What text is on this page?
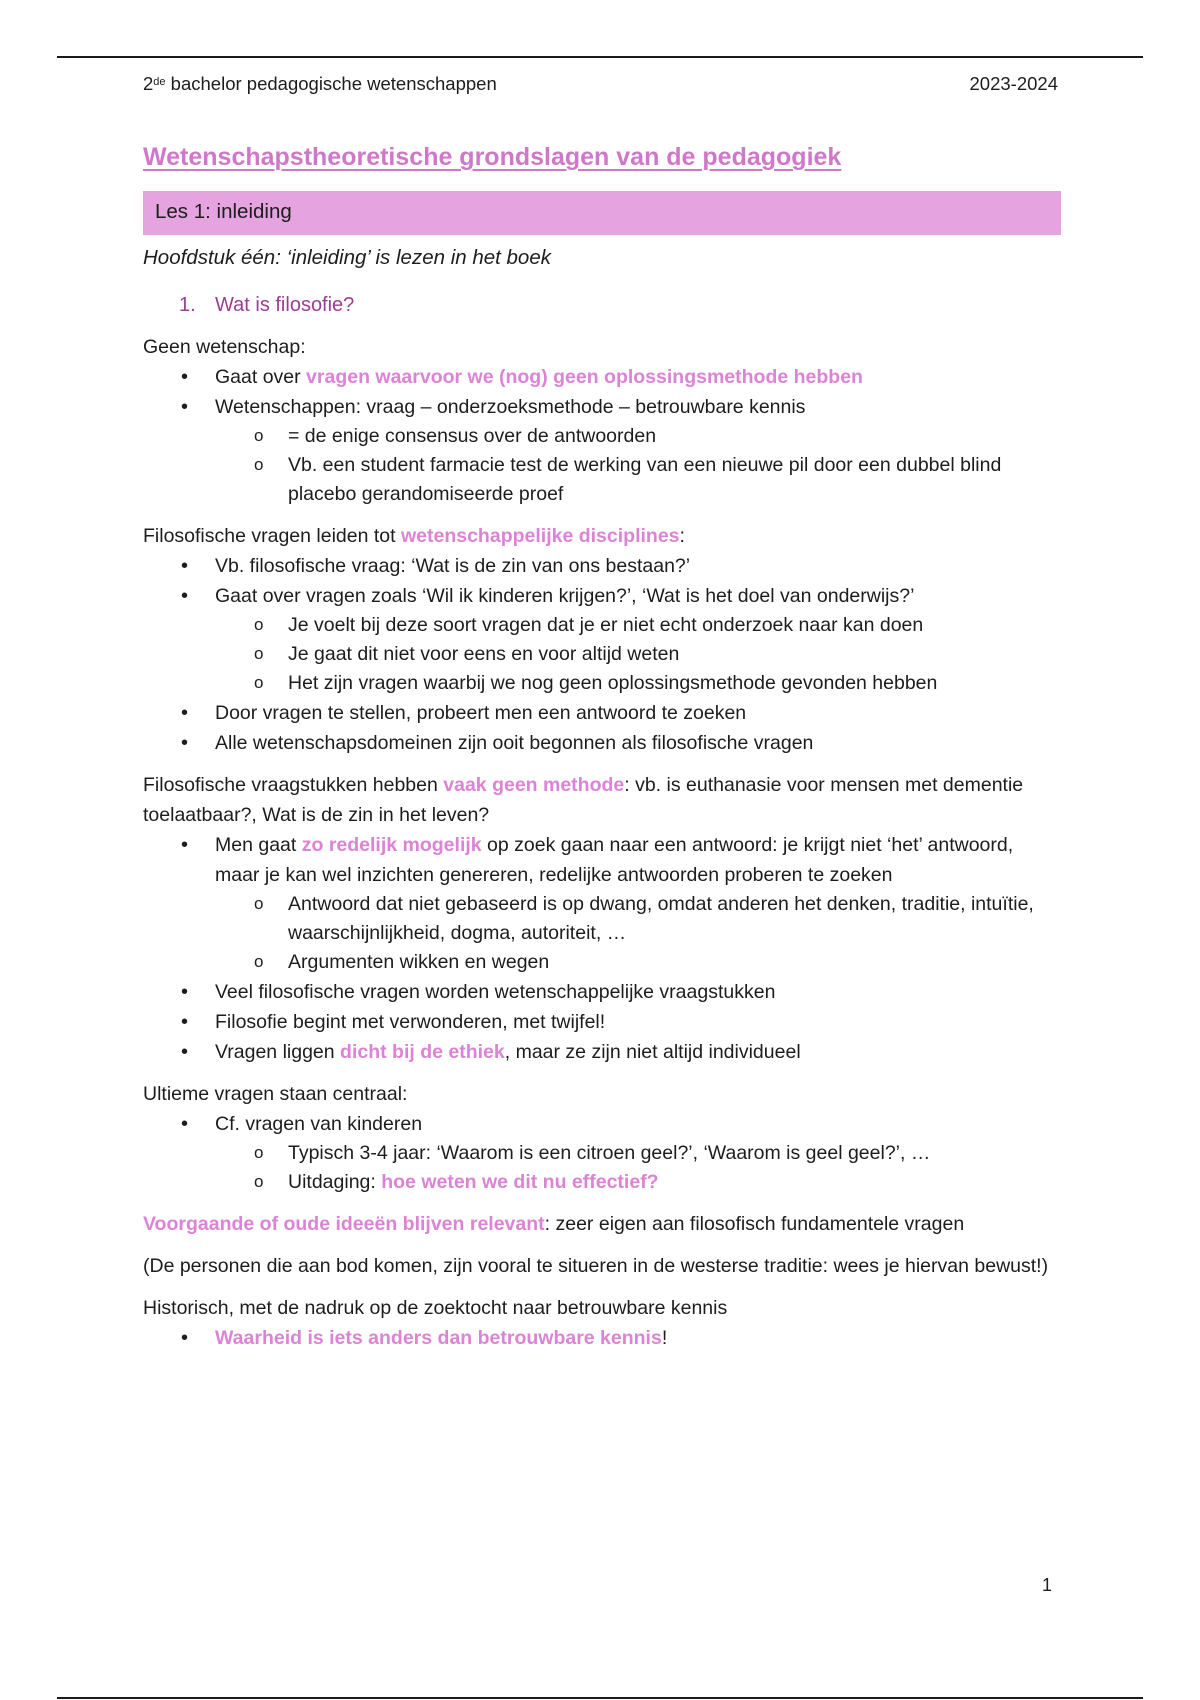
2de bachelor pedagogische wetenschappen	2023-2024
Wetenschapstheoretische grondslagen van de pedagogiek
Les 1: inleiding
Hoofdstuk één: ‘inleiding’ is lezen in het boek
1. Wat is filosofie?
Geen wetenschap:
• Gaat over vragen waarvoor we (nog) geen oplossingsmethode hebben
• Wetenschappen: vraag – onderzoeksmethode – betrouwbare kennis
o = de enige consensus over de antwoorden
o Vb. een student farmacie test de werking van een nieuwe pil door een dubbel blind placebo gerandomiseerde proef
Filosofische vragen leiden tot wetenschappelijke disciplines:
• Vb. filosofische vraag: ‘Wat is de zin van ons bestaan?’
• Gaat over vragen zoals ‘Wil ik kinderen krijgen?’, ‘Wat is het doel van onderwijs?’
o Je voelt bij deze soort vragen dat je er niet echt onderzoek naar kan doen
o Je gaat dit niet voor eens en voor altijd weten
o Het zijn vragen waarbij we nog geen oplossingsmethode gevonden hebben
• Door vragen te stellen, probeert men een antwoord te zoeken
• Alle wetenschapsdomeinen zijn ooit begonnen als filosofische vragen
Filosofische vraagstukken hebben vaak geen methode: vb. is euthanasie voor mensen met dementie toelaatbaar?, Wat is de zin in het leven?
• Men gaat zo redelijk mogelijk op zoek gaan naar een antwoord: je krijgt niet ‘het’ antwoord, maar je kan wel inzichten genereren, redelijke antwoorden proberen te zoeken
o Antwoord dat niet gebaseerd is op dwang, omdat anderen het denken, traditie, intuïtie, waarschijnlijkheid, dogma, autoriteit, …
o Argumenten wikken en wegen
• Veel filosofische vragen worden wetenschappelijke vraagstukken
• Filosofie begint met verwonderen, met twijfel!
• Vragen liggen dicht bij de ethiek, maar ze zijn niet altijd individueel
Ultieme vragen staan centraal:
• Cf. vragen van kinderen
o Typisch 3-4 jaar: ‘Waarom is een citroen geel?’, ‘Waarom is geel geel?’, …
o Uitdaging: hoe weten we dit nu effectief?
Voorgaande of oude ideeën blijven relevant: zeer eigen aan filosofisch fundamentele vragen
(De personen die aan bod komen, zijn vooral te situeren in de westerse traditie: wees je hiervan bewust!)
Historisch, met de nadruk op de zoektocht naar betrouwbare kennis
• Waarheid is iets anders dan betrouwbare kennis!
1
